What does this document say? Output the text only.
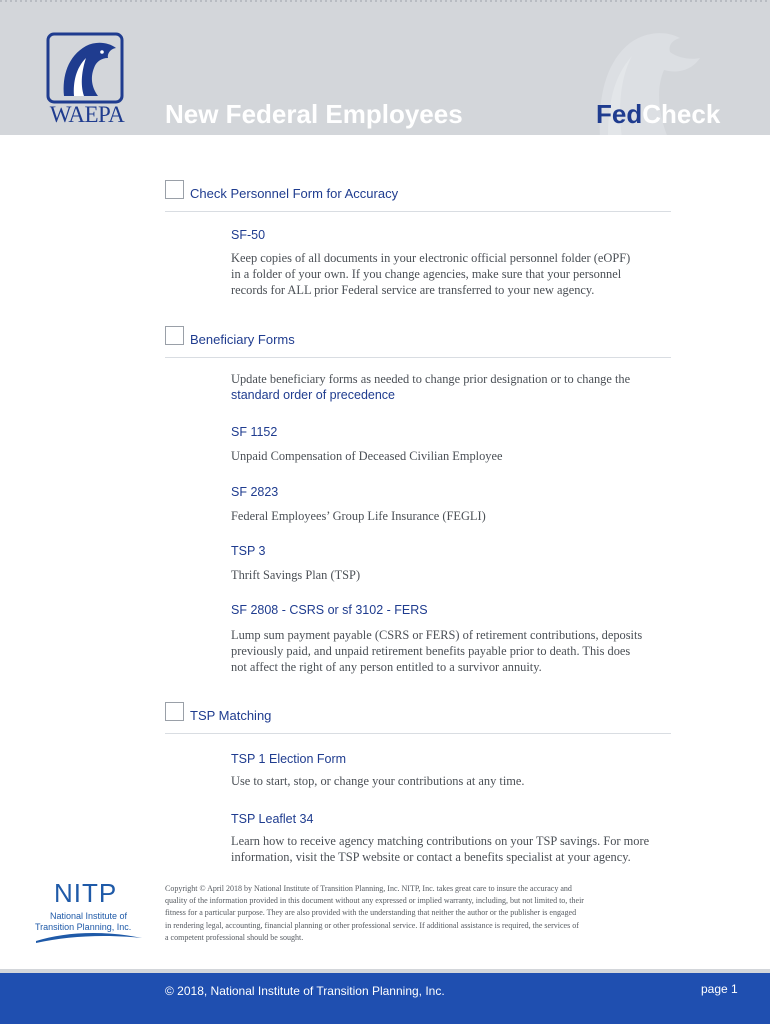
WAEPA New Federal Employees	FedCheck
Check Personnel Form for Accuracy
SF-50
Keep copies of all documents in your electronic official personnel folder (eOPF)
in a folder of your own. If you change agencies, make sure that your personnel
records for ALL prior Federal service are transferred to your new agency.
Beneficiary Forms
Update beneficiary forms as needed to change prior designation or to change the
standard order of precedence
SF 1152
Unpaid Compensation of Deceased Civilian Employee
SF 2823
Federal Employees’ Group Life Insurance (FEGLI)
TSP 3
Thrift Savings Plan (TSP)
SF 2808 - CSRS or sf 3102 - FERS
Lump sum payment payable (CSRS or FERS) of retirement contributions, deposits
previously paid, and unpaid retirement benefits payable prior to death. This does
not affect the right of any person entitled to a survivor annuity.
TSP Matching
TSP 1 Election Form
Use to start, stop, or change your contributions at any time.
TSP Leaflet 34
Learn how to receive agency matching contributions on your TSP savings. For more
information, visit the TSP website or contact a benefits specialist at your agency.
NITP
National Institute of
Transition Planning, Inc.
Copyright © April 2018 by National Institute of Transition Planning, Inc. NITP, Inc. takes great care to insure the accuracy and
quality of the information provided in this document without any expressed or implied warranty, including, but not limited to, their
fitness for a particular purpose. They are also provided with the understanding that neither the author or the publisher is engaged
in rendering legal, accounting, financial planning or other professional service. If additional assistance is required, the services of
a competent professional should be sought.
© 2018, National Institute of Transition Planning, Inc.	page 1
